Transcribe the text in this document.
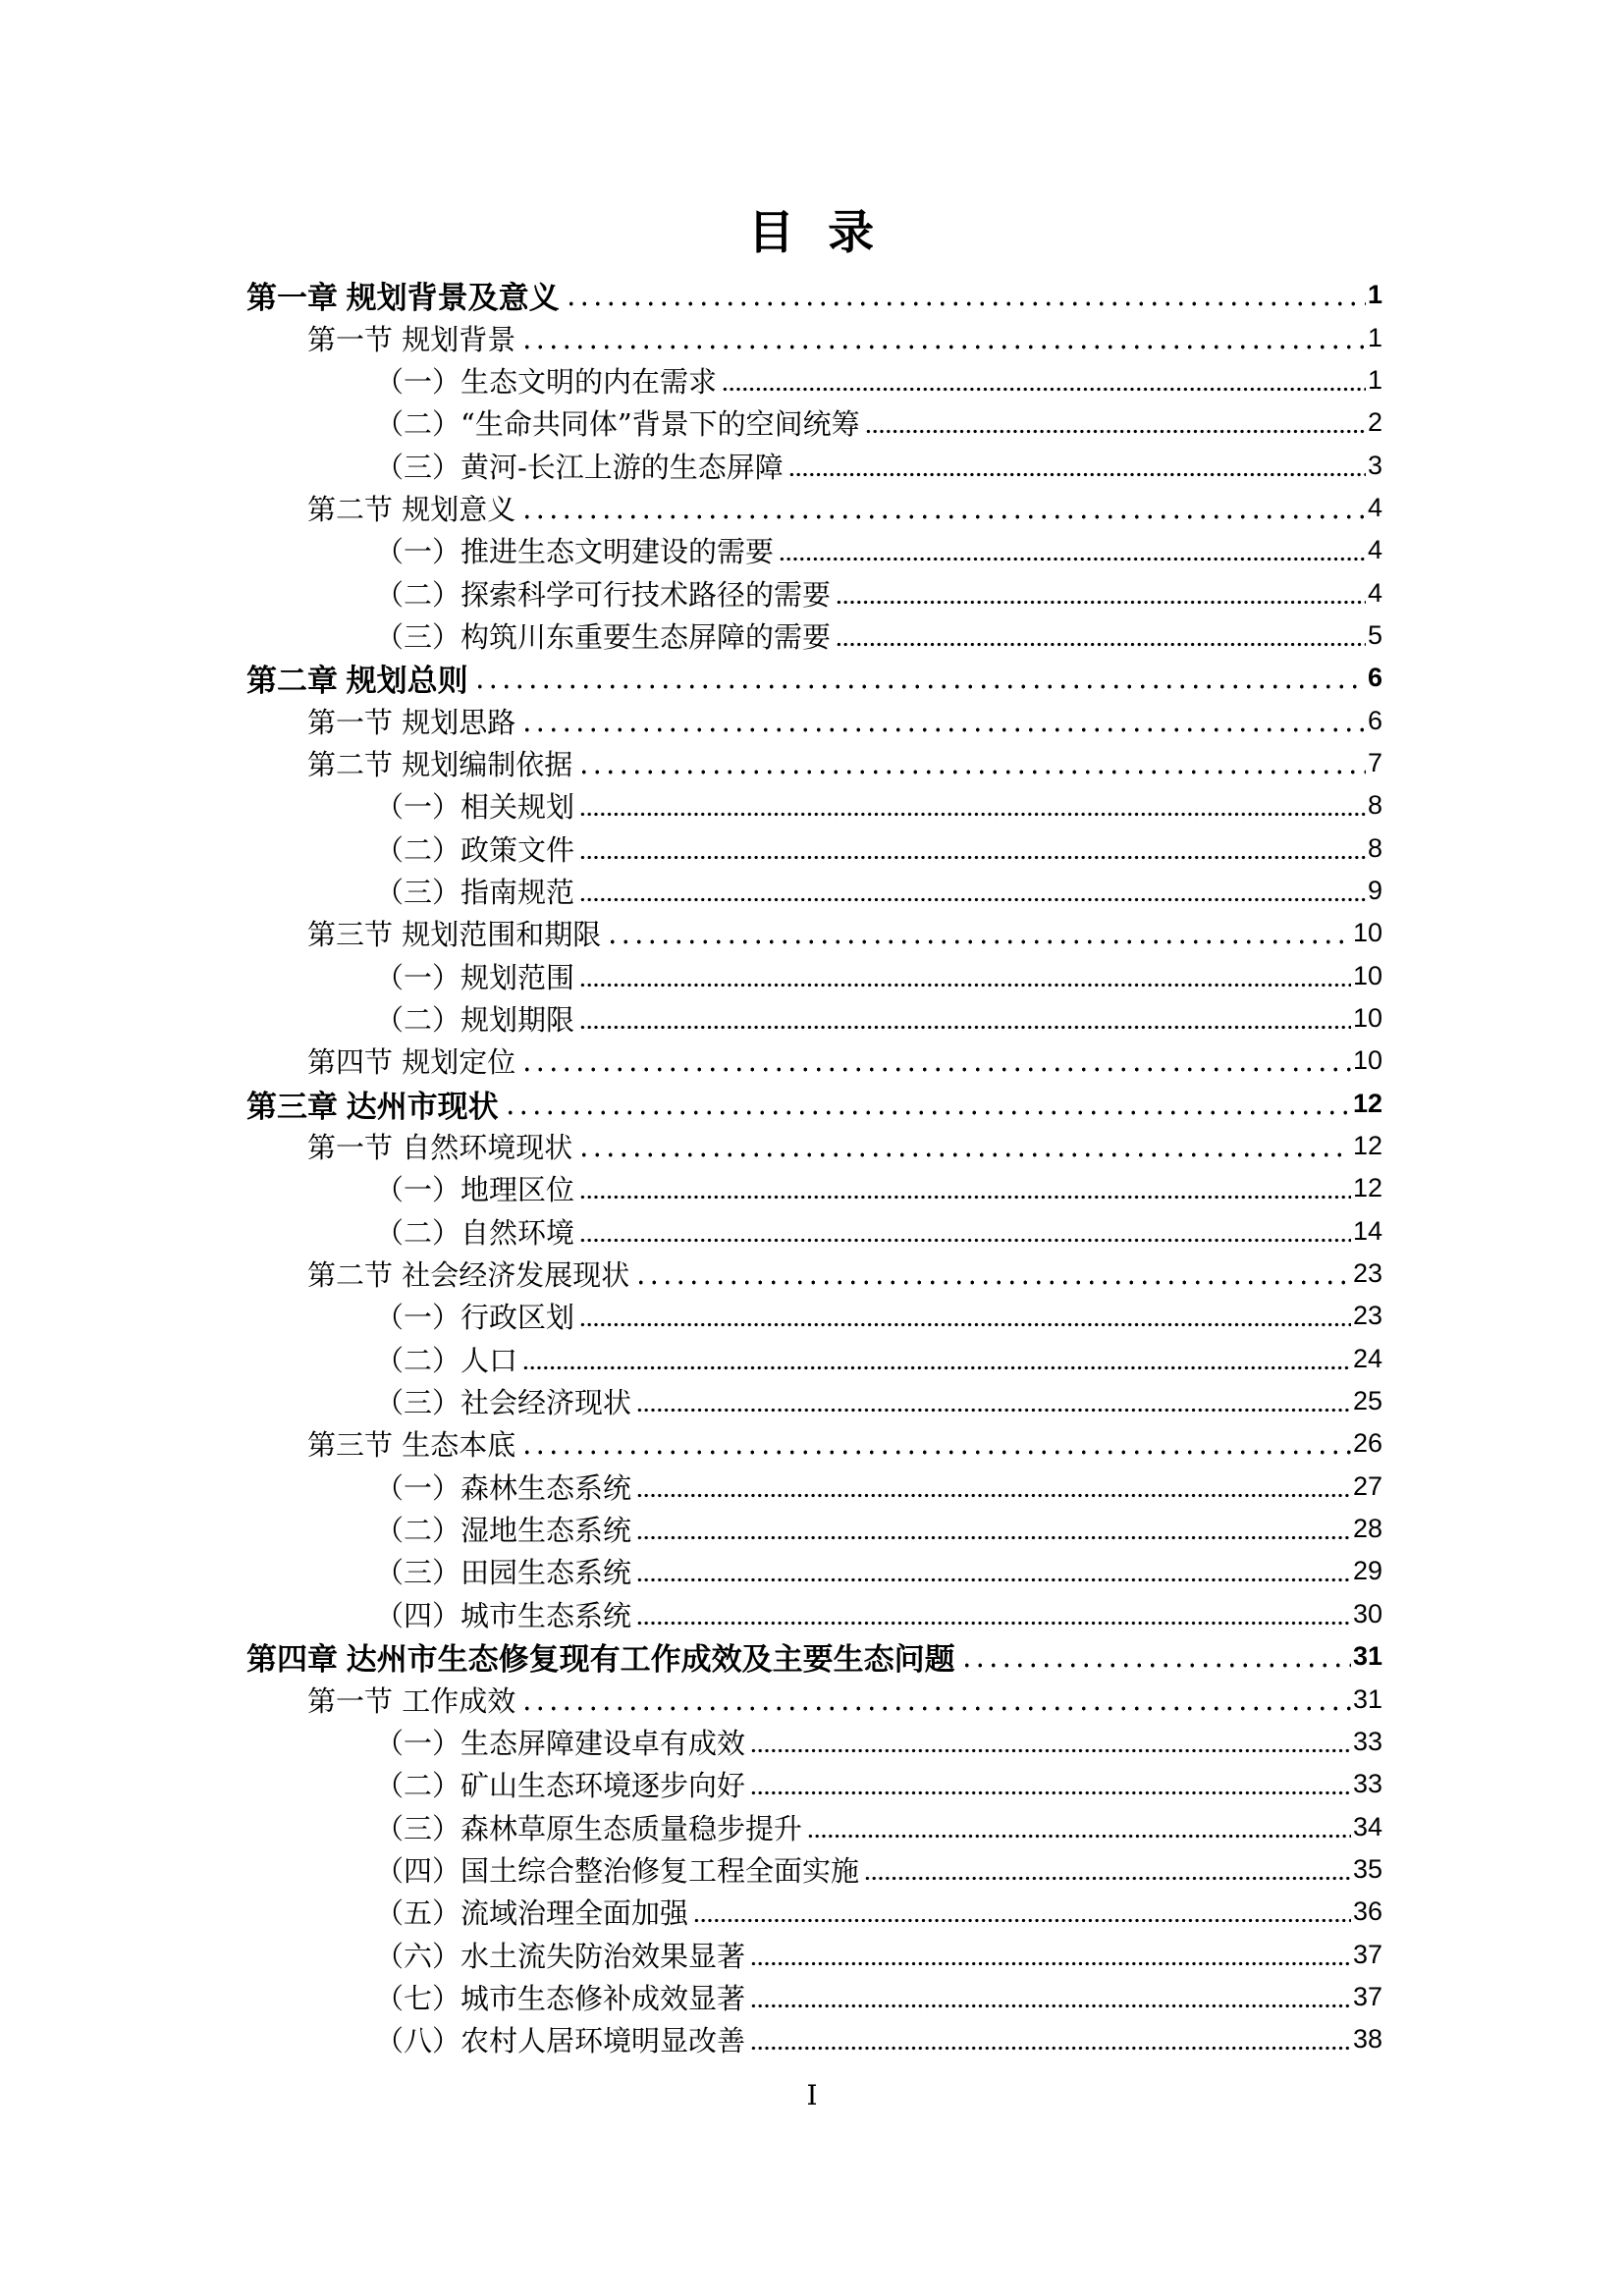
目 录
第一章 规划背景及意义	1
第一节 规划背景	1
（一）生态文明的内在需求	1
（二）“生命共同体”背景下的空间统筹	2
（三）黄河-长江上游的生态屏障	3
第二节 规划意义	4
（一）推进生态文明建设的需要	4
（二）探索科学可行技术路径的需要	4
（三）构筑川东重要生态屏障的需要	5
第二章 规划总则	6
第一节 规划思路	6
第二节 规划编制依据	7
（一）相关规划	8
（二）政策文件	8
（三）指南规范	9
第三节 规划范围和期限	10
（一）规划范围	10
（二）规划期限	10
第四节 规划定位	10
第三章 达州市现状	12
第一节 自然环境现状	12
（一）地理区位	12
（二）自然环境	14
第二节 社会经济发展现状	23
（一）行政区划	23
（二）人口	24
（三）社会经济现状	25
第三节 生态本底	26
（一）森林生态系统	27
（二）湿地生态系统	28
（三）田园生态系统	29
（四）城市生态系统	30
第四章 达州市生态修复现有工作成效及主要生态问题	31
第一节 工作成效	31
（一）生态屏障建设卓有成效	33
（二）矿山生态环境逐步向好	33
（三）森林草原生态质量稳步提升	34
（四）国土综合整治修复工程全面实施	35
（五）流域治理全面加强	36
（六）水土流失防治效果显著	37
（七）城市生态修补成效显著	37
（八）农村人居环境明显改善	38
I
